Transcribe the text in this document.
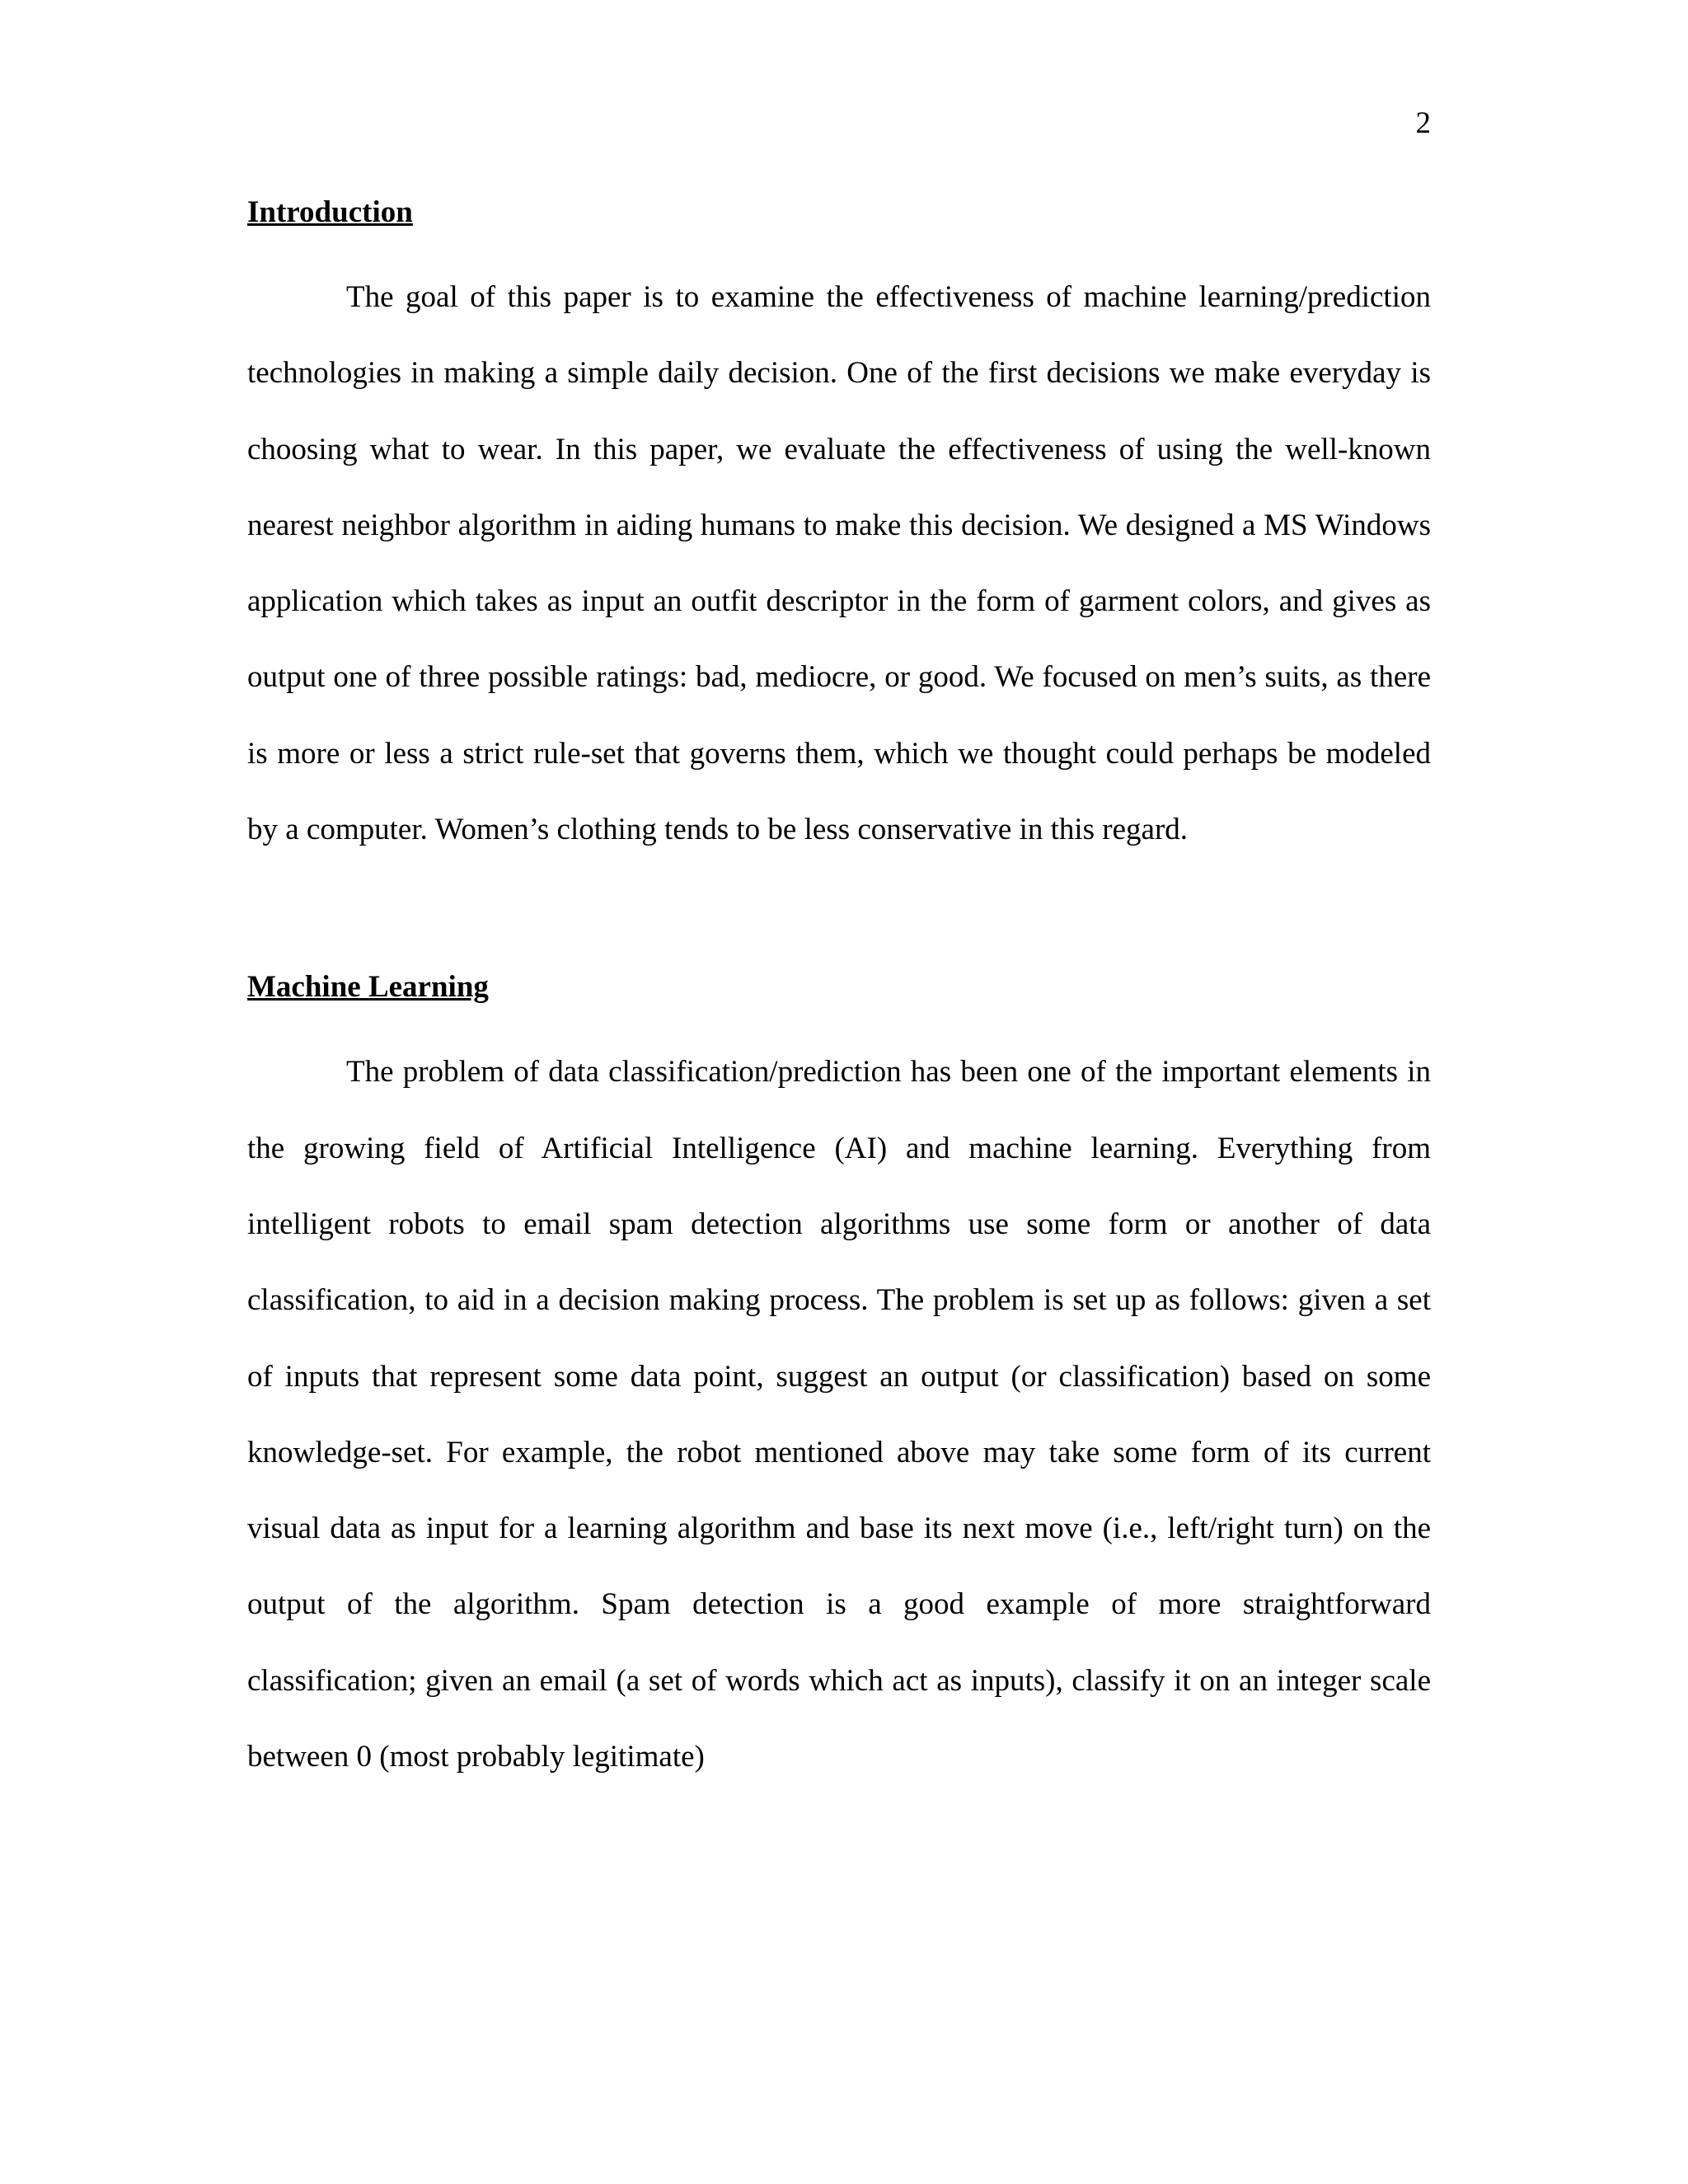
2
Introduction

The goal of this paper is to examine the effectiveness of machine learning/prediction technologies in making a simple daily decision. One of the first decisions we make everyday is choosing what to wear. In this paper, we evaluate the effectiveness of using the well-known nearest neighbor algorithm in aiding humans to make this decision. We designed a MS Windows application which takes as input an outfit descriptor in the form of garment colors, and gives as output one of three possible ratings: bad, mediocre, or good. We focused on men’s suits, as there is more or less a strict rule-set that governs them, which we thought could perhaps be modeled by a computer. Women’s clothing tends to be less conservative in this regard.

Machine Learning

The problem of data classification/prediction has been one of the important elements in the growing field of Artificial Intelligence (AI) and machine learning. Everything from intelligent robots to email spam detection algorithms use some form or another of data classification, to aid in a decision making process. The problem is set up as follows: given a set of inputs that represent some data point, suggest an output (or classification) based on some knowledge-set. For example, the robot mentioned above may take some form of its current visual data as input for a learning algorithm and base its next move (i.e., left/right turn) on the output of the algorithm. Spam detection is a good example of more straightforward classification; given an email (a set of words which act as inputs), classify it on an integer scale between 0 (most probably legitimate)
